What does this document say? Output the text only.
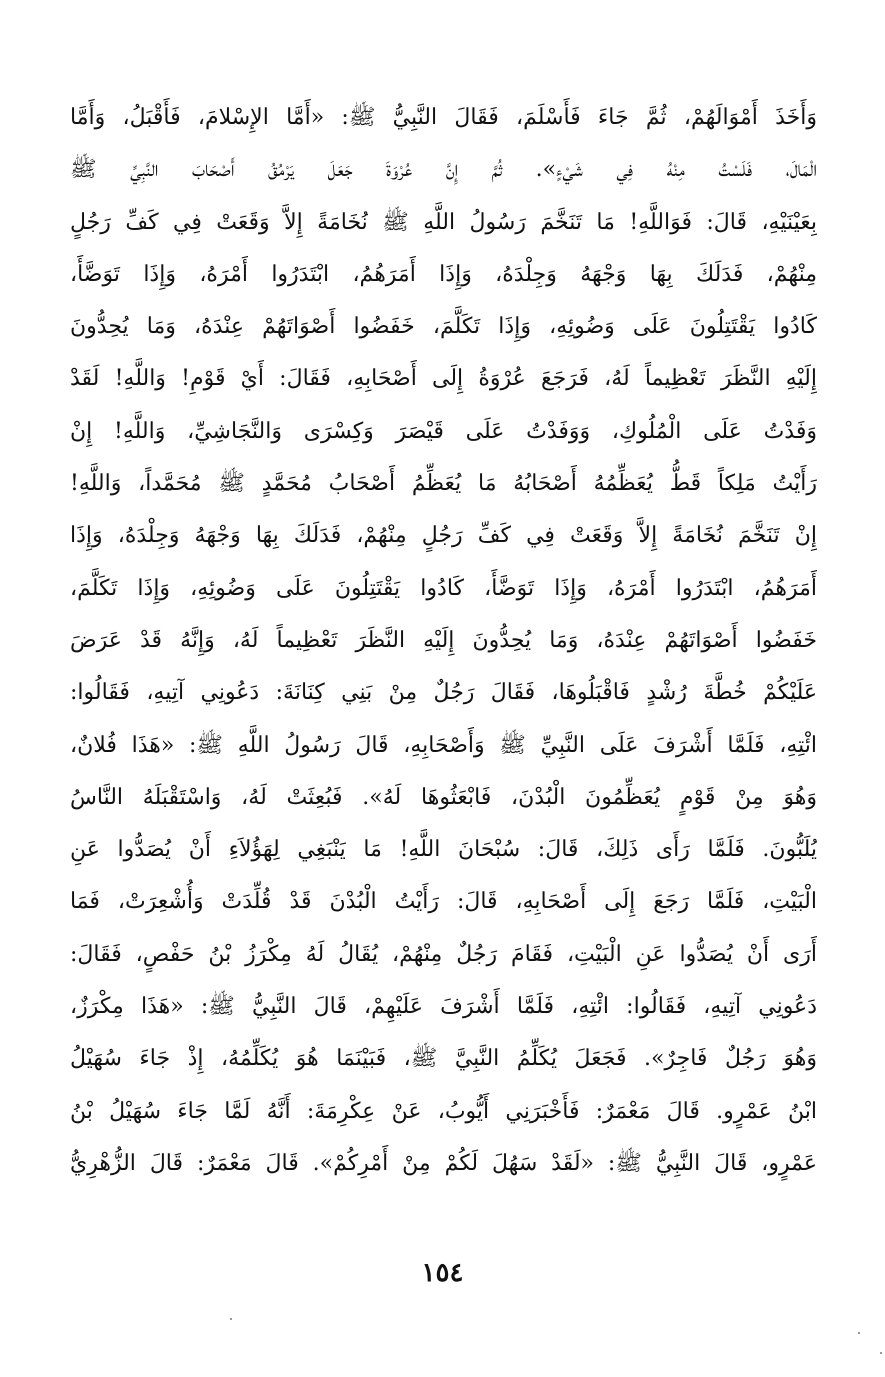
وَأَخَذَ أَمْوَالَهُمْ، ثُمَّ جَاءَ فَأَسْلَمَ، فَقَالَ النَّبِيُّ ﷺ: «أَمَّا الإِسْلامَ، فَأَقْبَلُ، وَأَمَّا
الْمَالَ، فَلَسْتُ مِنْهُ فِي شَيْءٍ». ثُمَّ إِنَّ عُرْوَةَ جَعَلَ يَرْمُقُ أَصْحَابَ النَّبِيِّ ﷺ
بِعَيْنَيْهِ، قَالَ: فَوَاللَّهِ! مَا تَنَخَّمَ رَسُولُ اللَّهِ ﷺ نُخَامَةً إِلاَّ وَقَعَتْ فِي كَفِّ رَجُلٍ
مِنْهُمْ، فَدَلَكَ بِهَا وَجْهَهُ وَجِلْدَهُ، وَإِذَا أَمَرَهُمُ، ابْتَدَرُوا أَمْرَهُ، وَإِذَا تَوَضَّأَ،
كَادُوا يَقْتَتِلُونَ عَلَى وَضُوئِهِ، وَإِذَا تَكَلَّمَ، خَفَضُوا أَصْوَاتَهُمْ عِنْدَهُ، وَمَا يُحِدُّونَ
إِلَيْهِ النَّظَرَ تَعْظِيماً لَهُ، فَرَجَعَ عُرْوَةُ إِلَى أَصْحَابِهِ، فَقَالَ: أَيْ قَوْمِ! وَاللَّهِ! لَقَدْ
وَفَدْتُ عَلَى الْمُلُوكِ، وَوَفَدْتُ عَلَى قَيْصَرَ وَكِسْرَى وَالنَّجَاشِيِّ، وَاللَّهِ! إِنْ
رَأَيْتُ مَلِكاً قَطُّ يُعَظِّمُهُ أَصْحَابُهُ مَا يُعَظِّمُ أَصْحَابُ مُحَمَّدٍ ﷺ مُحَمَّداً، وَاللَّهِ!
إِنْ تَنَخَّمَ نُخَامَةً إِلاَّ وَقَعَتْ فِي كَفِّ رَجُلٍ مِنْهُمْ، فَدَلَكَ بِهَا وَجْهَهُ وَجِلْدَهُ، وَإِذَا
أَمَرَهُمُ، ابْتَدَرُوا أَمْرَهُ، وَإِذَا تَوَضَّأَ، كَادُوا يَقْتَتِلُونَ عَلَى وَضُوئِهِ، وَإِذَا تَكَلَّمَ،
خَفَضُوا أَصْوَاتَهُمْ عِنْدَهُ، وَمَا يُحِدُّونَ إِلَيْهِ النَّظَرَ تَعْظِيماً لَهُ، وَإِنَّهُ قَدْ عَرَضَ
عَلَيْكُمْ خُطَّةَ رُشْدٍ فَاقْبَلُوهَا، فَقَالَ رَجُلٌ مِنْ بَنِي كِنَانَةَ: دَعُونِي آتِيهِ، فَقَالُوا:
ائْتِهِ، فَلَمَّا أَشْرَفَ عَلَى النَّبِيِّ ﷺ وَأَصْحَابِهِ، قَالَ رَسُولُ اللَّهِ ﷺ: «هَذَا فُلانٌ،
وَهُوَ مِنْ قَوْمٍ يُعَظِّمُونَ الْبُدْنَ، فَابْعَثُوهَا لَهُ». فَبُعِثَتْ لَهُ، وَاسْتَقْبَلَهُ النَّاسُ
يُلَبُّونَ. فَلَمَّا رَأَى ذَلِكَ، قَالَ: سُبْحَانَ اللَّهِ! مَا يَنْبَغِي لِهَؤُلاَءِ أَنْ يُصَدُّوا عَنِ
الْبَيْتِ، فَلَمَّا رَجَعَ إِلَى أَصْحَابِهِ، قَالَ: رَأَيْتُ الْبُدْنَ قَدْ قُلِّدَتْ وَأُشْعِرَتْ، فَمَا
أَرَى أَنْ يُصَدُّوا عَنِ الْبَيْتِ، فَقَامَ رَجُلٌ مِنْهُمْ، يُقَالُ لَهُ مِكْرَزُ بْنُ حَفْصٍ، فَقَالَ:
دَعُونِي آتِيهِ، فَقَالُوا: ائْتِهِ، فَلَمَّا أَشْرَفَ عَلَيْهِمْ، قَالَ النَّبِيُّ ﷺ: «هَذَا مِكْرَزٌ،
وَهُوَ رَجُلٌ فَاجِرٌ». فَجَعَلَ يُكَلِّمُ النَّبِيَّ ﷺ، فَبَيْنَمَا هُوَ يُكَلِّمُهُ، إِذْ جَاءَ سُهَيْلُ
ابْنُ عَمْرٍو. قَالَ مَعْمَرٌ: فَأَخْبَرَنِي أَيُّوبُ، عَنْ عِكْرِمَةَ: أَنَّهُ لَمَّا جَاءَ سُهَيْلُ بْنُ
عَمْرٍو، قَالَ النَّبِيُّ ﷺ: «لَقَدْ سَهُلَ لَكُمْ مِنْ أَمْرِكُمْ». قَالَ مَعْمَرٌ: قَالَ الزُّهْرِيُّ
١٥٤
